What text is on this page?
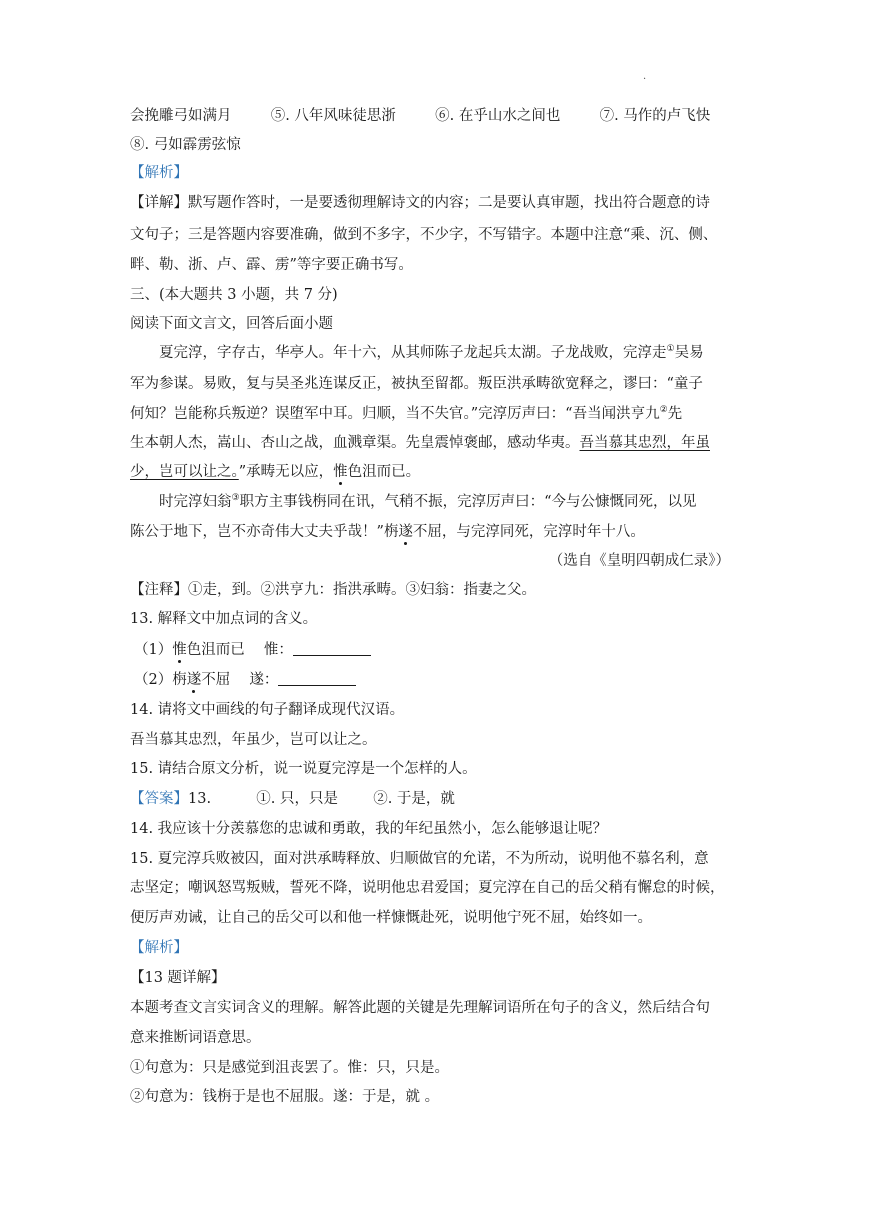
·
会挽雕弓如满月	⑤. 八年风味徒思浙	⑥. 在乎山水之间也	⑦. 马作的卢飞快
⑧. 弓如霹雳弦惊
【解析】
【详解】默写题作答时，一是要透彻理解诗文的内容；二是要认真审题，找出符合题意的诗
文句子；三是答题内容要准确，做到不多字，不少字，不写错字。本题中注意“乘、沉、侧、
畔、勒、浙、卢、霹、雳”等字要正确书写。
三、(本大题共 3 小题，共 7 分)
阅读下面文言文，回答后面小题
夏完淳，字存古，华亭人。年十六，从其师陈子龙起兵太湖。子龙战败，完淳走①吴易
军为参谋。易败，复与吴圣兆连谋反正，被执至留都。叛臣洪承畴欲宽释之，谬曰：“童子
何知？岂能称兵叛逆？误堕军中耳。归顺，当不失官。”完淳厉声曰：“吾当闻洪亨九②先
生本朝人杰，嵩山、杏山之战，血溅章渠。先皇震悼褒邮，感动华夷。吾当慕其忠烈，年虽
少，岂可以让之。”承畴无以应，惟色沮而已。
时完淳妇翁③职方主事钱栴同在讯，气稍不振，完淳厉声曰：“今与公慷慨同死，以见
陈公于地下，岂不亦奇伟大丈夫乎哉！”栴遂不屈，与完淳同死，完淳时年十八。
（选自《皇明四朝成仁录》）
【注释】①走，到。②洪亨九：指洪承畴。③妇翁：指妻之父。
13. 解释文中加点词的含义。
（1）惟色沮而已　 惟：
（2）栴遂不屈　 遂：
14. 请将文中画线的句子翻译成现代汉语。
吾当慕其忠烈，年虽少，岂可以让之。
15. 请结合原文分析，说一说夏完淳是一个怎样的人。
【答案】13.	①. 只，只是 ②. 于是，就
14. 我应该十分羡慕您的忠诚和勇敢，我的年纪虽然小，怎么能够退让呢？
15. 夏完淳兵败被囚，面对洪承畴释放、归顺做官的允诺，不为所动，说明他不慕名利，意
志坚定；嘲讽怒骂叛贼，誓死不降，说明他忠君爱国；夏完淳在自己的岳父稍有懈怠的时候，
便厉声劝诫，让自己的岳父可以和他一样慷慨赴死，说明他宁死不屈，始终如一。
【解析】
【13 题详解】
本题考查文言实词含义的理解。解答此题的关键是先理解词语所在句子的含义，然后结合句
意来推断词语意思。
①句意为：只是感觉到沮丧罢了。惟：只，只是。
②句意为：钱栴于是也不屈服。遂：于是，就 。
